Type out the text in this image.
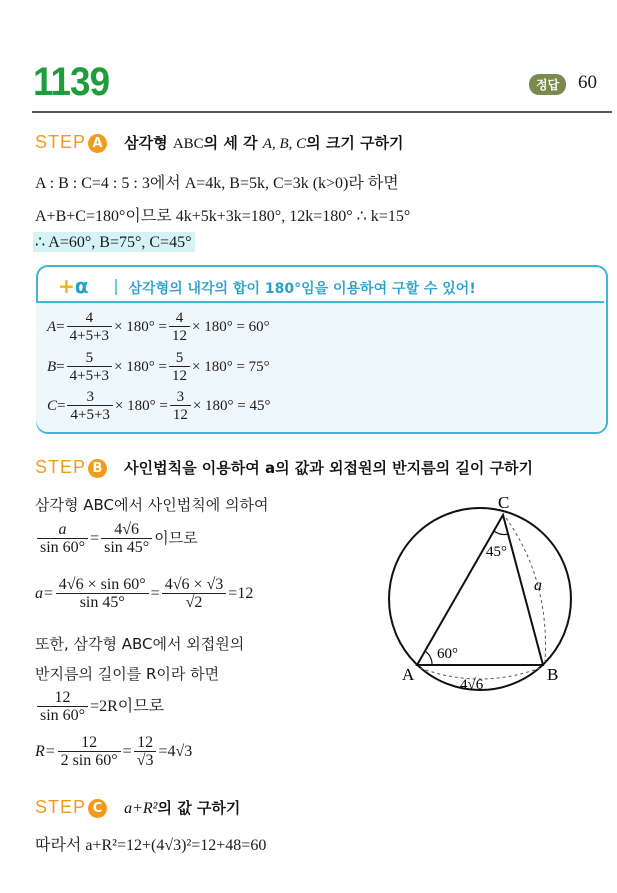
1139	정답 60
STEP A 삼각형 ABC의 세 각 A, B, C의 크기 구하기
A : B : C=4 : 5 : 3에서 A=4k, B=5k, C=3k (k>0)라 하면
A+B+C=180°이므로 4k+5k+3k=180°, 12k=180° ∴ k=15°
∴ A=60°, B=75°, C=45°
+α	삼각형의 내각의 합이 180°임을 이용하여 구할 수 있어!
$A= \frac{4}{4+5+3} \times 180^\circ = \frac{4}{12} \times 180^\circ = 60^\circ$
$B= \frac{5}{4+5+3} \times 180^\circ = \frac{5}{12} \times 180^\circ = 75^\circ$
$C= \frac{3}{4+5+3} \times 180^\circ = \frac{3}{12} \times 180^\circ = 45^\circ$
STEP B 사인법칙을 이용하여 a의 값과 외접원의 반지름의 길이 구하기
삼각형 ABC에서 사인법칙에 의하여
$\frac{a}{\sin 60^\circ} = \frac{4√6}{\sin 45^\circ}$ 이므로
$a= \frac{4√6 \times \sin 60^\circ}{\sin 45^\circ} = \frac{4√6 \times √3}{√2} =12$
또한, 삼각형 ABC에서 외접원의
반지름의 길이를 R이라 하면
$\frac{12}{\sin 60^\circ} =2R$이므로
$R= \frac{12}{2 \sin 60^\circ} = \frac{12}{√3} =4√3$
C
A	B
60°
45°
a
4√6
STEP C a+R²의 값 구하기
따라서 a+R²=12+(4√3)²=12+48=60
